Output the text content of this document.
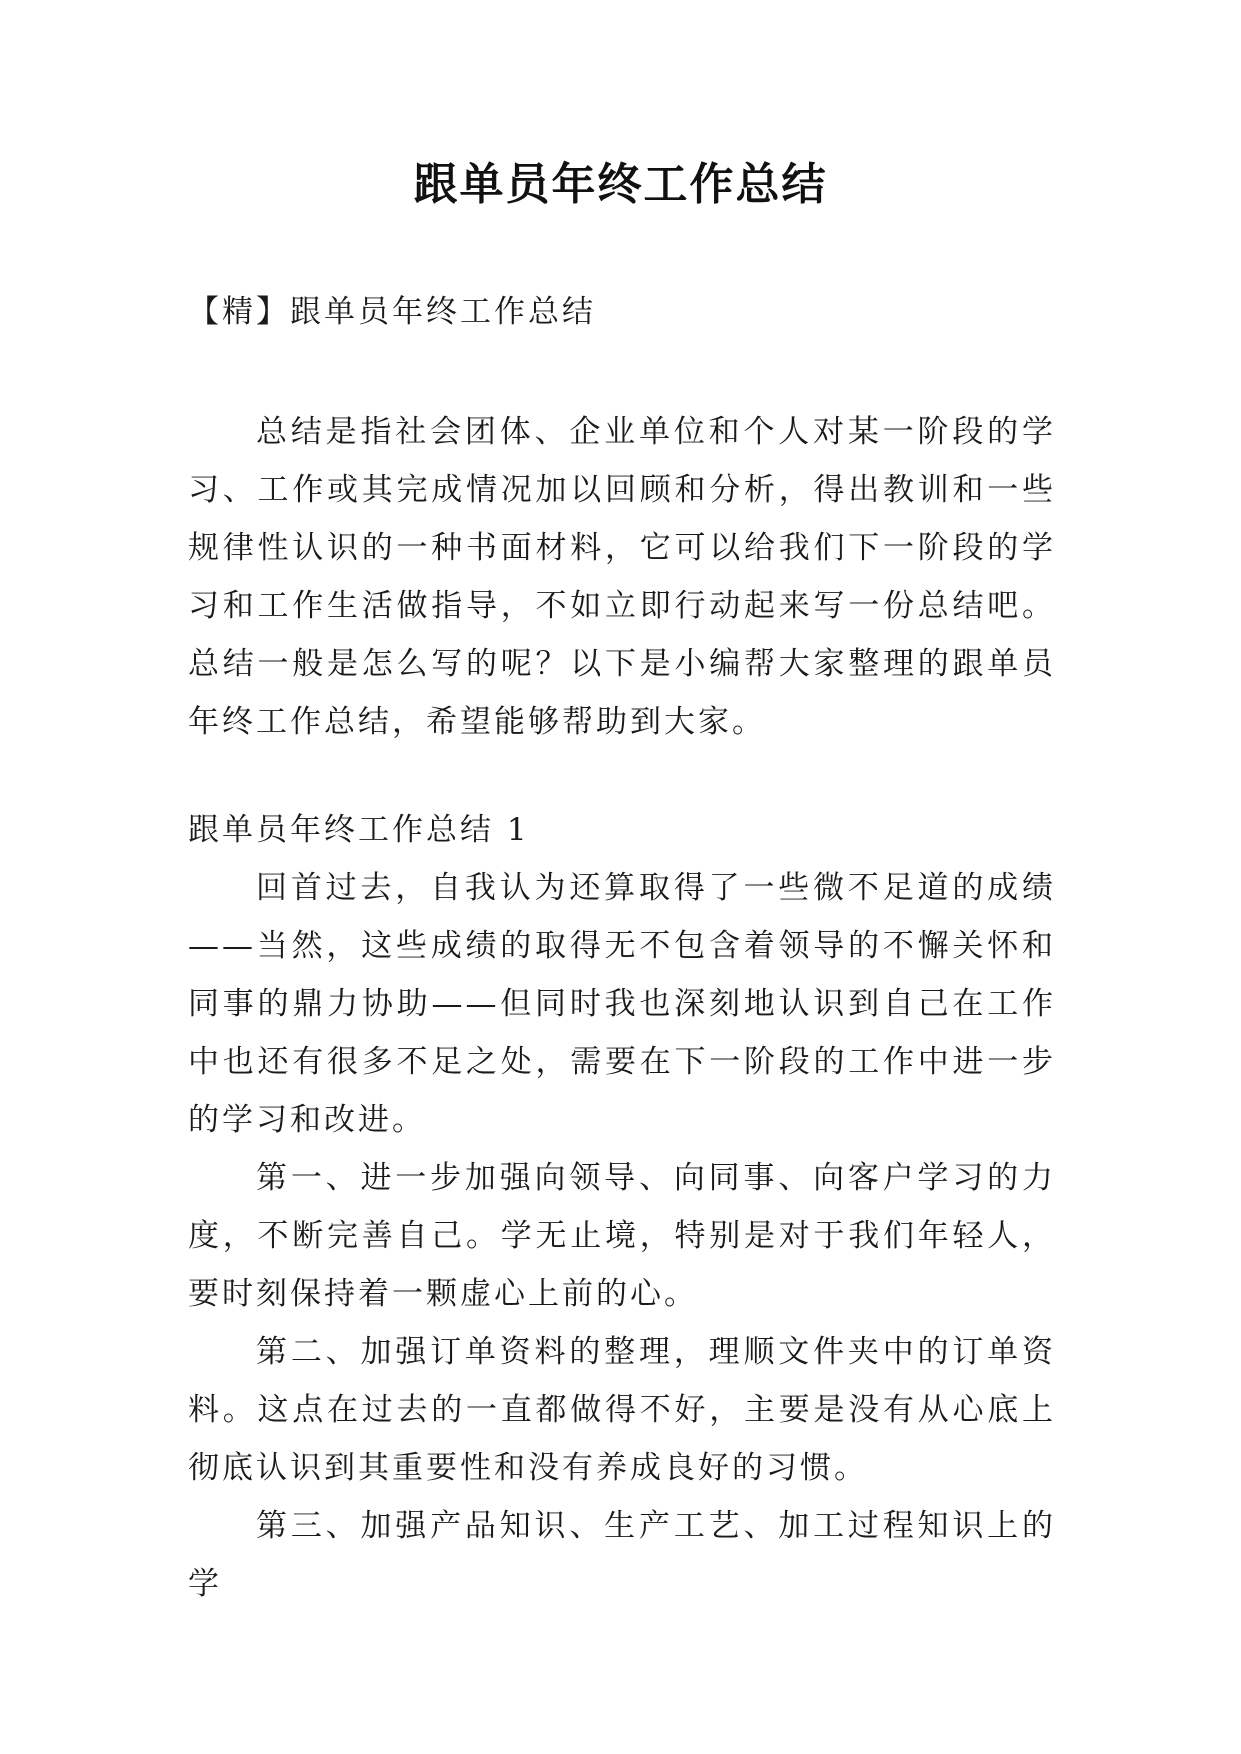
跟单员年终工作总结
【精】跟单员年终工作总结

总结是指社会团体、企业单位和个人对某一阶段的学习、工作或其完成情况加以回顾和分析，得出教训和一些规律性认识的一种书面材料，它可以给我们下一阶段的学习和工作生活做指导，不如立即行动起来写一份总结吧。总结一般是怎么写的呢？以下是小编帮大家整理的跟单员年终工作总结，希望能够帮助到大家。

跟单员年终工作总结 1

回首过去，自我认为还算取得了一些微不足道的成绩——当然，这些成绩的取得无不包含着领导的不懈关怀和同事的鼎力协助——但同时我也深刻地认识到自己在工作中也还有很多不足之处，需要在下一阶段的工作中进一步的学习和改进。

第一、进一步加强向领导、向同事、向客户学习的力度，不断完善自己。学无止境，特别是对于我们年轻人，要时刻保持着一颗虚心上前的心。

第二、加强订单资料的整理，理顺文件夹中的订单资料。这点在过去的一直都做得不好，主要是没有从心底上彻底认识到其重要性和没有养成良好的习惯。

第三、加强产品知识、生产工艺、加工过程知识上的学
